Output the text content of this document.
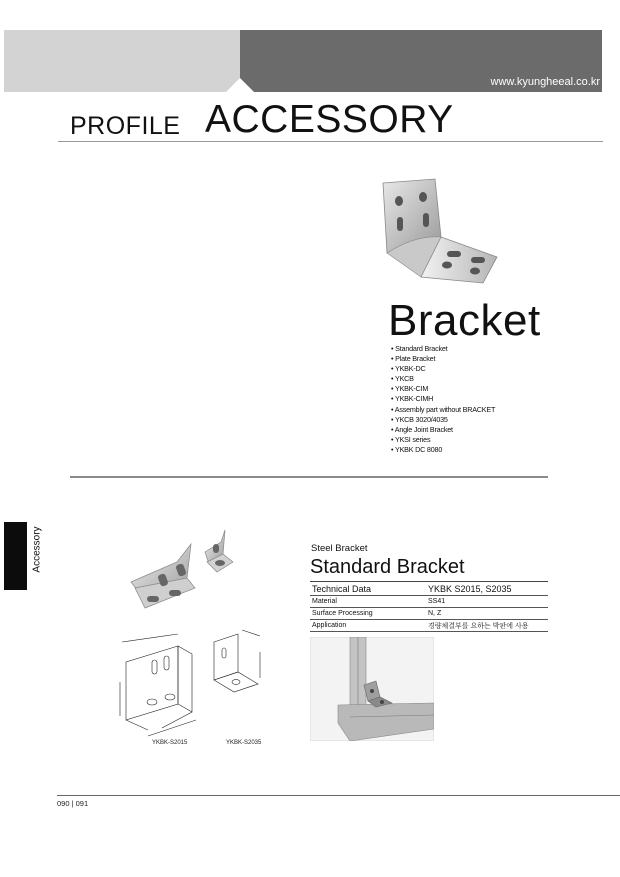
www.kyungheeal.co.kr
PROFILE ACCESSORY
Bracket
• Standard Bracket
• Plate Bracket
• YKBK-DC
• YKCB
• YKBK-CIM
• YKBK-CIMH
• Assembly part without BRACKET
• YKCB 3020/4035
• Angle Joint Bracket
• YKSI series
• YKBK DC 8080
Accessory
YKBK-S2015	YKBK-S2035
Steel Bracket
Standard Bracket
Technical Data	YKBK S2015, S2035
Material	SS41
Surface Processing	N, Z
Application	경량체결부를 요하는 박판에 사용
090 | 091
